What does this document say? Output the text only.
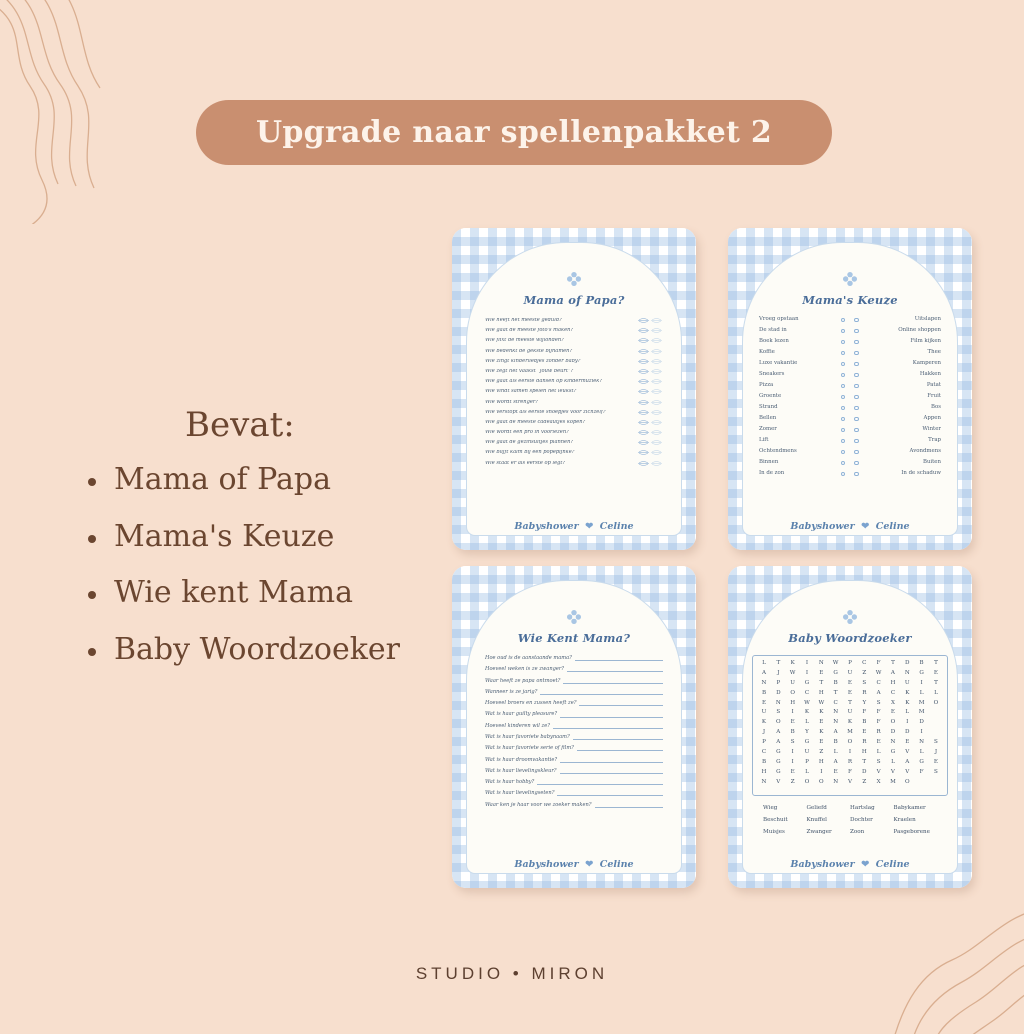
Upgrade naar spellenpakket 2
Bevat:
Mama of Papa
Mama's Keuze
Wie kent Mama
Baby Woordzoeker
Mama of Papa?
Wie heeft het meeste geduld?
Wie gaat de meeste foto's maken?
Wie flixt de meeste wijlonden?
Wie bedenkt de gekste bijnamen?
Wie zingt kinderliedjes zonder baby?
Wie zegt het vaakst “jouw beurt”?
Wie gaat als eerste dansen op kindermuziek?
Wie vindt samen spelen het leukst?
Wie wordt strenger?
Wie verstopt als eerste snoepjes voor zichzelf?
Wie gaat de meeste cadeautjes kopen?
Wie wordt een pro in voorlezen?
Wie gaat de gezinsuitjes plannen?
Wie blijft kalm bij een popépijnke?
Wie staat er als eerste op legt?
Babyshower  ❤  Celine
Mama's Keuze
Vroeg opstaan	Uitslapen
De stad in	Online shoppen
Boek lezen	Film kijken
Koffie	Thee
Luxe vakantie	Kamperen
Sneakers	Hakken
Pizza	Patat
Groente	Fruit
Strand	Bos
Bellen	Appen
Zomer	Winter
Lift	Trap
Ochtendmens	Avondmens
Binnen	Buiten
In de zon	In de schaduw
Babyshower  ❤  Celine
Wie Kent Mama?
Hoe oud is de aanstaande mama?
Hoeveel weken is ze zwanger?
Waar heeft ze papa ontmoet?
Wanneer is ze jarig?
Hoeveel broers en zussen heeft ze?
Wat is haar guilty pleasure?
Hoeveel kinderen wil ze?
Wat is haar favoriete babynaam?
Wat is haar favoriete serie of film?
Wat is haar droomvakantie?
Wat is haar lievelingskleur?
Wat is haar hobby?
Wat is haar lievelingseten?
Waar ken je haar voor we zoeker maken?
Babyshower  ❤  Celine
Baby Woordzoeker
L	T	K	I	N	W	P	C	F	T	D	B	T
A	J	W	I	E	G	U	Z	W	A	N	G	E
N	P	U	G	T	B	E	S	C	H	U	I	T
B	D	O	C	H	T	E	R	A	C	K	L	L
E	N	H	W	W	C	T	Y	S	X	K	M	O
U	S	I	K	K	N	U	F	F	E	L	M
K	O	E	L	E	N	K	B	F	O	I	D
J	A	B	Y	K	A	M	E	R	D	D	I
P	A	S	G	E	B	O	R	E	N	E	N	S
C	G	I	U	Z	L	I	H	L	G	V	L	J
B	G	I	P	H	A	R	T	S	L	A	G	E
H	G	E	L	I	E	F	D	V	V	V	F	S
N	V	Z	O	O	N	V	Z	X	M	O
Wieg	Geliefd	Hartslag	Babykamer
Beschuit	Knuffel	Dochter	Kraelen
Muisjes	Zwanger	Zoon	Pasgeborene
Babyshower  ❤  Celine
STUDIO • MIRON
